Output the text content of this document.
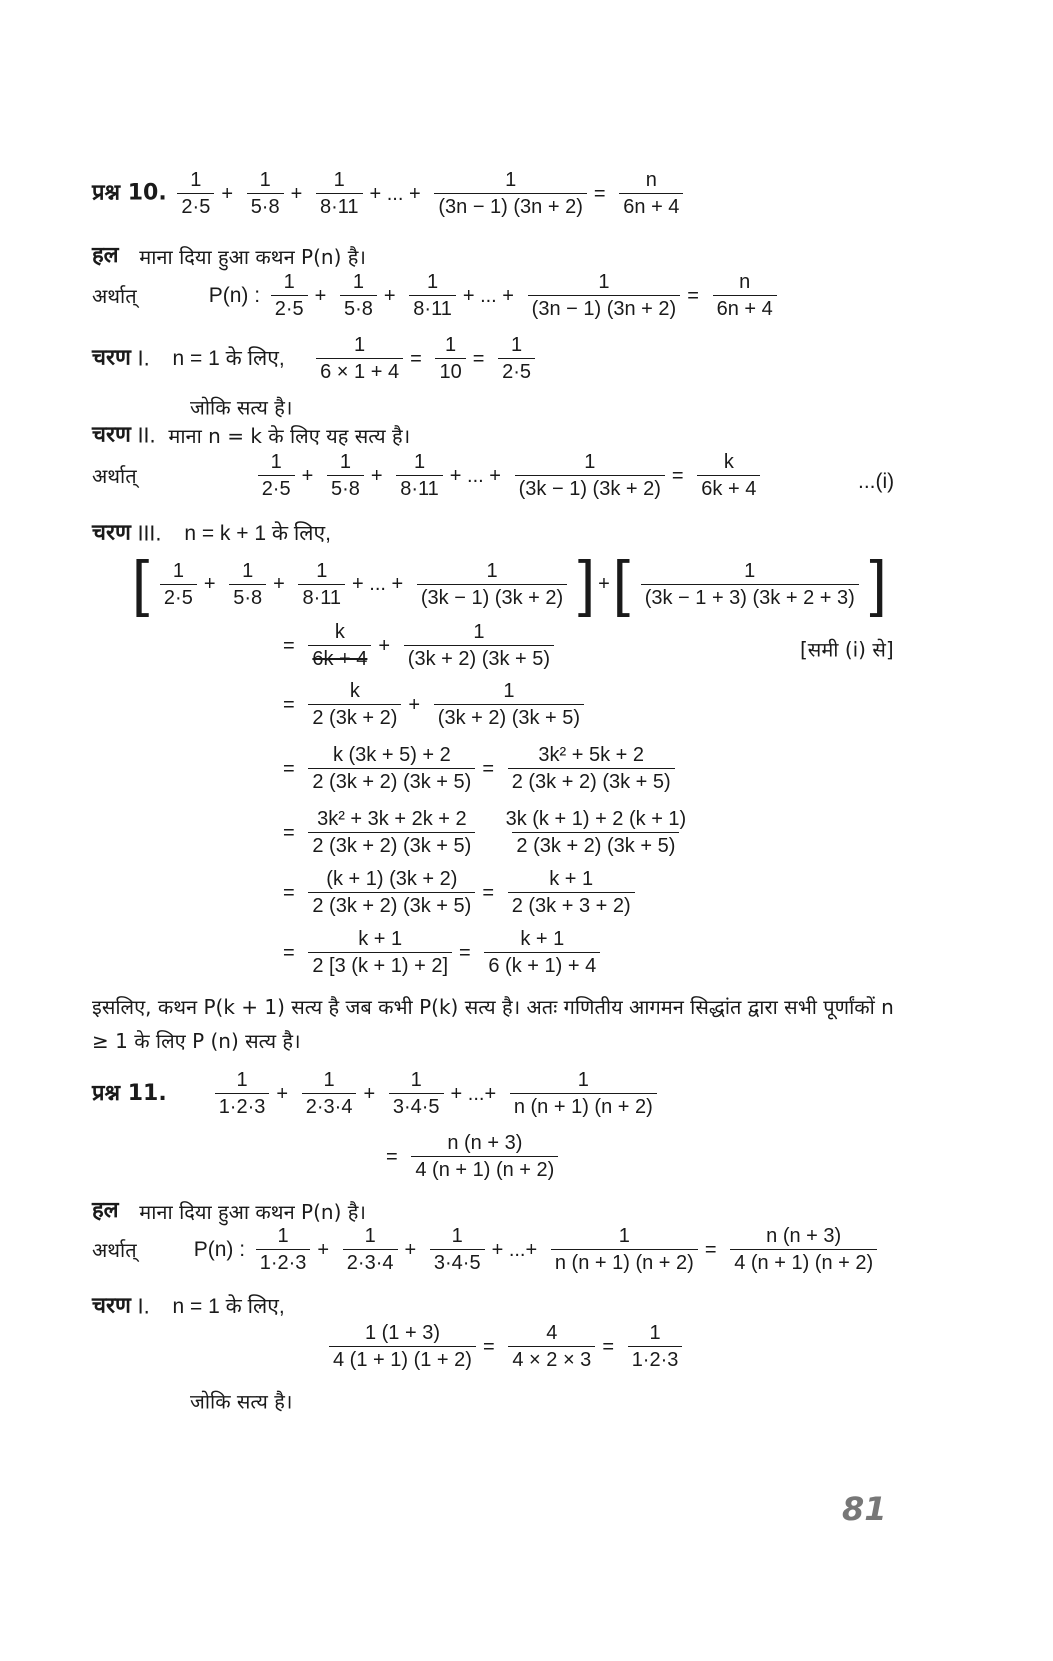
प्रश्न 10. $\frac{1}{2\cdot 5} + \frac{1}{5\cdot 8} + \frac{1}{8\cdot 11}$ + ... + $\frac{1}{(3n - 1) (3n + 2)} = \frac{n}{6n + 4}$
हल माना दिया हुआ कथन P(n) है।
अर्थात्	P(n) : $\frac{1}{2\cdot 5} + \frac{1}{5\cdot 8} + \frac{1}{8\cdot 11}$ + ... + $\frac{1}{(3n - 1) (3n + 2)} = \frac{n}{6n + 4}$
चरण I. n = 1 के लिए, $\frac{1}{6 \times 1 + 4} = \frac{1}{10} = \frac{1}{2\cdot 5}$
जोकि सत्य है।
चरण II. माना n = k के लिए यह सत्य है।
अर्थात्	$\frac{1}{2\cdot 5} + \frac{1}{5\cdot 8} + \frac{1}{8\cdot 11}$ + ... + $\frac{1}{(3k - 1) (3k + 2)} = \frac{k}{6k + 4}$	...(i)
चरण III. n = k + 1 के लिए,
[ $\frac{1}{2\cdot 5} + \frac{1}{5\cdot 8} + \frac{1}{8\cdot 11}$ + ... + $\frac{1}{(3k - 1) (3k + 2)}$ ] +[ $\frac{1}{(3k - 1 + 3) (3k + 2 + 3)}$ ]
= $\frac{k}{6k + 4} + \frac{1}{(3k + 2) (3k + 5)}$	[समी (i) से]
= $\frac{k}{2 (3k + 2)} + \frac{1}{(3k + 2) (3k + 5)}$
= $\frac{k (3k + 5) + 2}{2 (3k + 2) (3k + 5)} = \frac{\text{3k² + 5k + 2}}{2 (3k + 2) (3k + 5)}$
= $\frac{\text{3k² + 3k + 2k + 2}}{2 (3k + 2) (3k + 5)}$
$\frac{3k (k + 1) + 2 (k + 1)}{2 (3k + 2) (3k + 5)}$
= $\frac{(k + 1) (3k + 2)}{2 (3k + 2) (3k + 5)} = \frac{k + 1}{2 (3k + 3 + 2)}$
= $\frac{k + 1}{2 [3 (k + 1) + 2]} = \frac{k + 1}{6 (k + 1) + 4}$
इसलिए, कथन P(k + 1) सत्य है जब कभी P(k) सत्य है। अतः गणितीय आगमन सिद्धांत द्वारा सभी पूर्णांकों n ≥ 1 के लिए P (n) सत्य है।
प्रश्न 11. $\frac{1}{1\cdot 2\cdot 3} + \frac{1}{2\cdot 3\cdot 4} + \frac{1}{3\cdot 4\cdot 5}$ + ...+ $\frac{1}{n (n + 1) (n + 2)}$
= $\frac{n (n + 3)}{4 (n + 1) (n + 2)}$
हल माना दिया हुआ कथन P(n) है।
अर्थात्	P(n) : $\frac{1}{1\cdot 2\cdot 3} + \frac{1}{2\cdot 3\cdot 4} + \frac{1}{3\cdot 4\cdot 5}$ + ...+ $\frac{1}{n (n + 1) (n + 2)} = \frac{n (n + 3)}{4 (n + 1) (n + 2)}$
चरण I. n = 1 के लिए,
$\frac{1 (1 + 3)}{4 (1 + 1) (1 + 2)} = \frac{4}{4 \times 2 \times 3} = \frac{1}{1\cdot 2\cdot 3}$
जोकि सत्य है।
81
